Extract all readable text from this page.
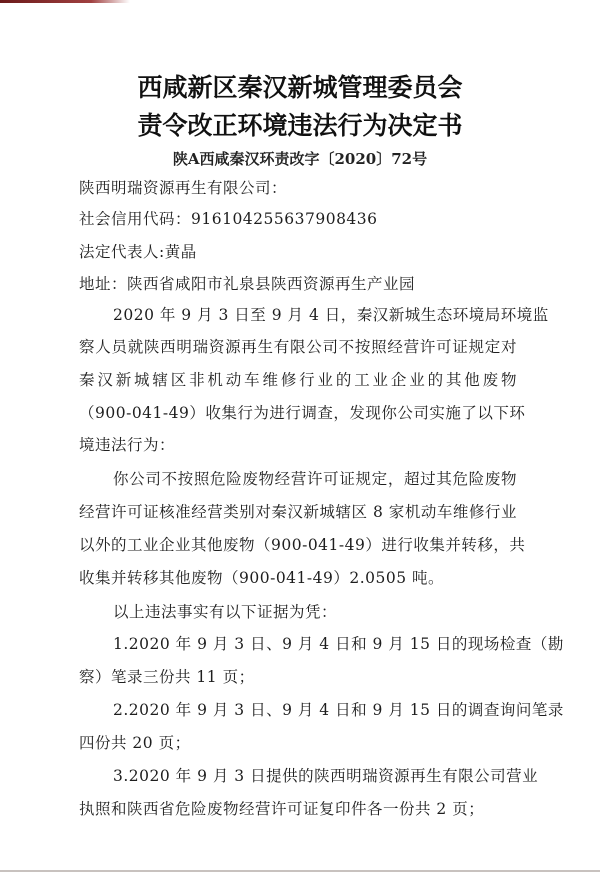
西咸新区秦汉新城管理委员会
责令改正环境违法行为决定书
陕A西咸秦汉环责改字〔2020〕72号
陕西明瑞资源再生有限公司：
社会信用代码：916104255637908436
法定代表人:黄晶
地址：陕西省咸阳市礼泉县陕西资源再生产业园
2020 年 9 月 3 日至 9 月 4 日，秦汉新城生态环境局环境监
察人员就陕西明瑞资源再生有限公司不按照经营许可证规定对
秦汉新城辖区非机动车维修行业的工业企业的其他废物
（900-041-49）收集行为进行调查，发现你公司实施了以下环
境违法行为：
你公司不按照危险废物经营许可证规定，超过其危险废物
经营许可证核准经营类别对秦汉新城辖区 8 家机动车维修行业
以外的工业企业其他废物（900-041-49）进行收集并转移，共
收集并转移其他废物（900-041-49）2.0505 吨。
以上违法事实有以下证据为凭：
1.2020 年 9 月 3 日、9 月 4 日和 9 月 15 日的现场检查（勘
察）笔录三份共 11 页；
2.2020 年 9 月 3 日、9 月 4 日和 9 月 15 日的调查询问笔录
四份共 20 页；
3.2020 年 9 月 3 日提供的陕西明瑞资源再生有限公司营业
执照和陕西省危险废物经营许可证复印件各一份共 2 页；
